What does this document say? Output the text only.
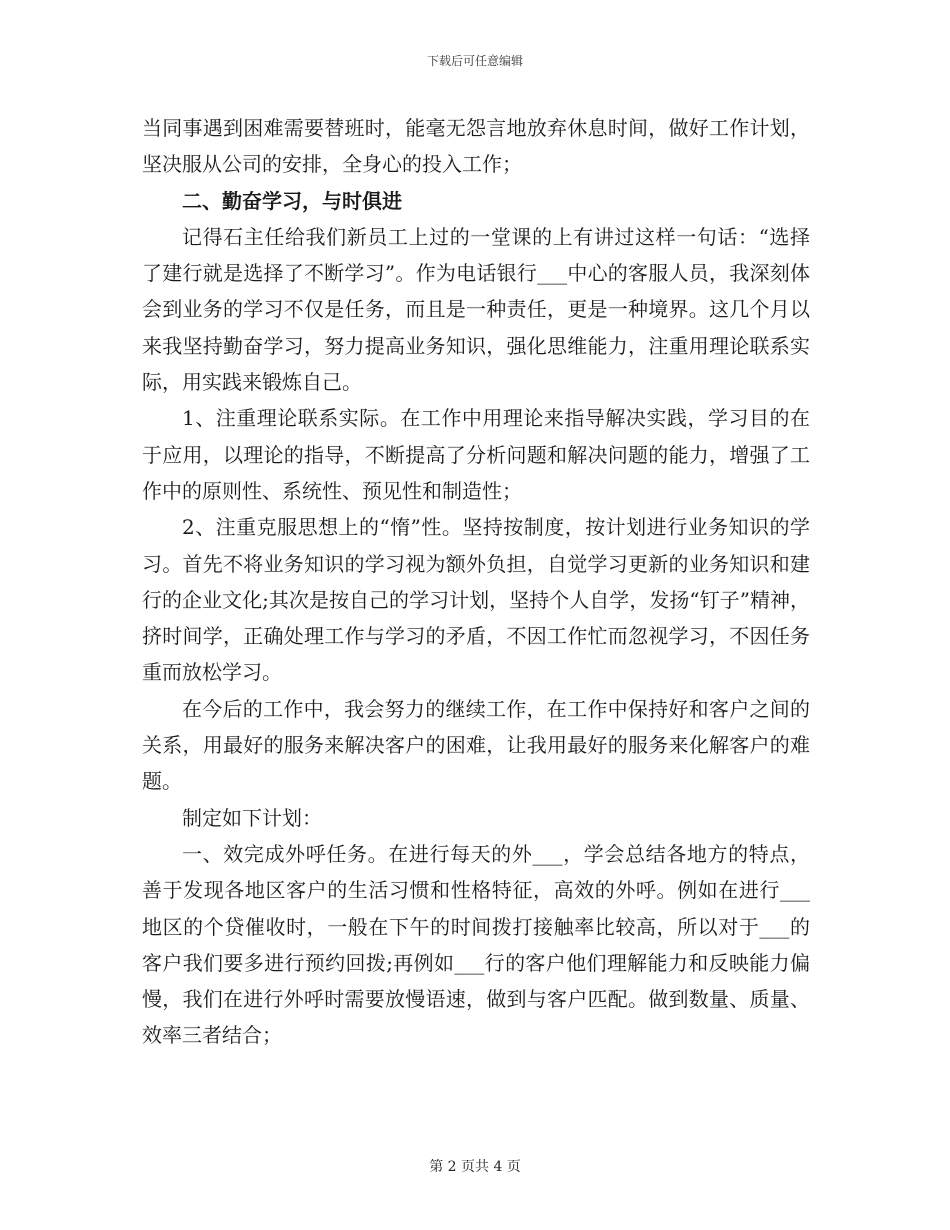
下载后可任意编辑

当同事遇到困难需要替班时，能毫无怨言地放弃休息时间，做好工作计划，坚决服从公司的安排，全身心的投入工作；

二、勤奋学习，与时俱进

记得石主任给我们新员工上过的一堂课的上有讲过这样一句话：“选择了建行就是选择了不断学习”。作为电话银行___中心的客服人员，我深刻体会到业务的学习不仅是任务，而且是一种责任，更是一种境界。这几个月以来我坚持勤奋学习，努力提高业务知识，强化思维能力，注重用理论联系实际，用实践来锻炼自己。

1、注重理论联系实际。在工作中用理论来指导解决实践，学习目的在于应用，以理论的指导，不断提高了分析问题和解决问题的能力，增强了工作中的原则性、系统性、预见性和制造性；

2、注重克服思想上的“惰”性。坚持按制度，按计划进行业务知识的学习。首先不将业务知识的学习视为额外负担，自觉学习更新的业务知识和建行的企业文化;其次是按自己的学习计划，坚持个人自学，发扬“钉子”精神，挤时间学，正确处理工作与学习的矛盾，不因工作忙而忽视学习，不因任务重而放松学习。

在今后的工作中，我会努力的继续工作，在工作中保持好和客户之间的关系，用最好的服务来解决客户的困难，让我用最好的服务来化解客户的难题。

制定如下计划：

一、效完成外呼任务。在进行每天的外___，学会总结各地方的特点，善于发现各地区客户的生活习惯和性格特征，高效的外呼。例如在进行___地区的个贷催收时，一般在下午的时间拨打接触率比较高，所以对于___的客户我们要多进行预约回拨;再例如___行的客户他们理解能力和反映能力偏慢，我们在进行外呼时需要放慢语速，做到与客户匹配。做到数量、质量、效率三者结合；

第 2 页共 4 页
